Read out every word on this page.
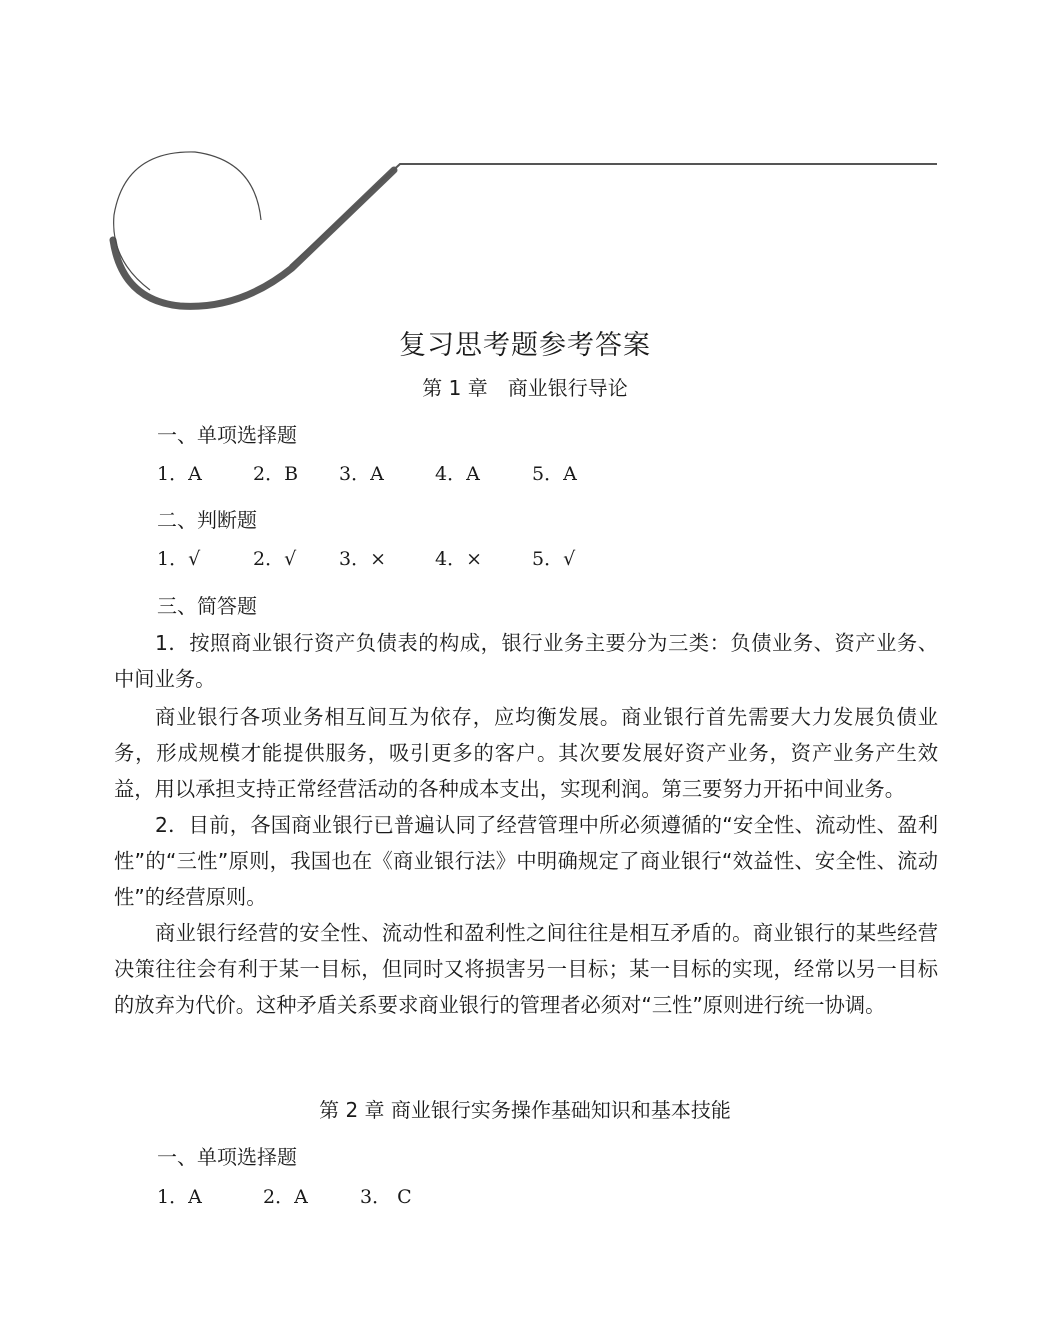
复习思考题参考答案
第 1 章　商业银行导论
一、单项选择题
1．A	2．B 3．A	4．A	5．A
二、判断题
1．√	2．√ 3．×	4．×	5．√
三、简答题

1．按照商业银行资产负债表的构成，银行业务主要分为三类：负债业务、资产业务、中间业务。

商业银行各项业务相互间互为依存，应均衡发展。商业银行首先需要大力发展负债业务，形成规模才能提供服务，吸引更多的客户。其次要发展好资产业务，资产业务产生效益，用以承担支持正常经营活动的各种成本支出，实现利润。第三要努力开拓中间业务。

2．目前，各国商业银行已普遍认同了经营管理中所必须遵循的“安全性、流动性、盈利性”的“三性”原则，我国也在《商业银行法》中明确规定了商业银行“效益性、安全性、流动性”的经营原则。

商业银行经营的安全性、流动性和盈利性之间往往是相互矛盾的。商业银行的某些经营决策往往会有利于某一目标，但同时又将损害另一目标；某一目标的实现，经常以另一目标的放弃为代价。这种矛盾关系要求商业银行的管理者必须对“三性”原则进行统一协调。

第 2 章 商业银行实务操作基础知识和基本技能
一、单项选择题
1．A	2．A	3． C
